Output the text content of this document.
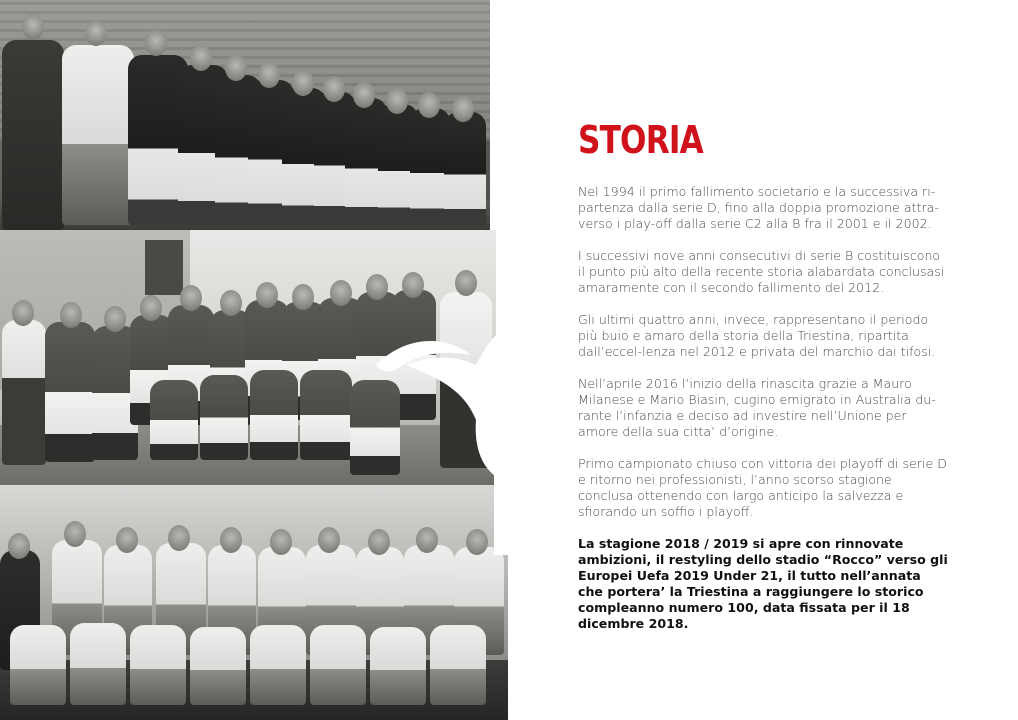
STORIA

Nel 1994 il primo fallimento societario e la successiva ri-partenza dalla serie D, fino alla doppia promozione attra-verso i play-off dalla serie C2 alla B fra il 2001 e il 2002.

I successivi nove anni consecutivi di serie B costituiscono il punto più alto della recente storia alabardata conclusasi amaramente con il secondo fallimento del 2012.

Gli ultimi quattro anni, invece, rappresentano il periodo più buio e amaro della storia della Triestina, ripartita dall’eccel-lenza nel 2012 e privata del marchio dai tifosi.

Nell’aprile 2016 l’inizio della rinascita grazie a Mauro Milanese e Mario Biasin, cugino emigrato in Australia du-rante l’infanzia e deciso ad investire nell’Unione per amore della sua citta’ d’origine.

Primo campionato chiuso con vittoria dei playoff di serie D e ritorno nei professionisti, l’anno scorso stagione conclusa ottenendo con largo anticipo la salvezza e sfiorando un soffio i playoff.

La stagione 2018 / 2019 si apre con rinnovate ambizioni, il restyling dello stadio “Rocco” verso gli Europei Uefa 2019 Under 21, il tutto nell’annata che portera’ la Triestina a raggiungere lo storico compleanno numero 100, data fissata per il 18 dicembre 2018.
